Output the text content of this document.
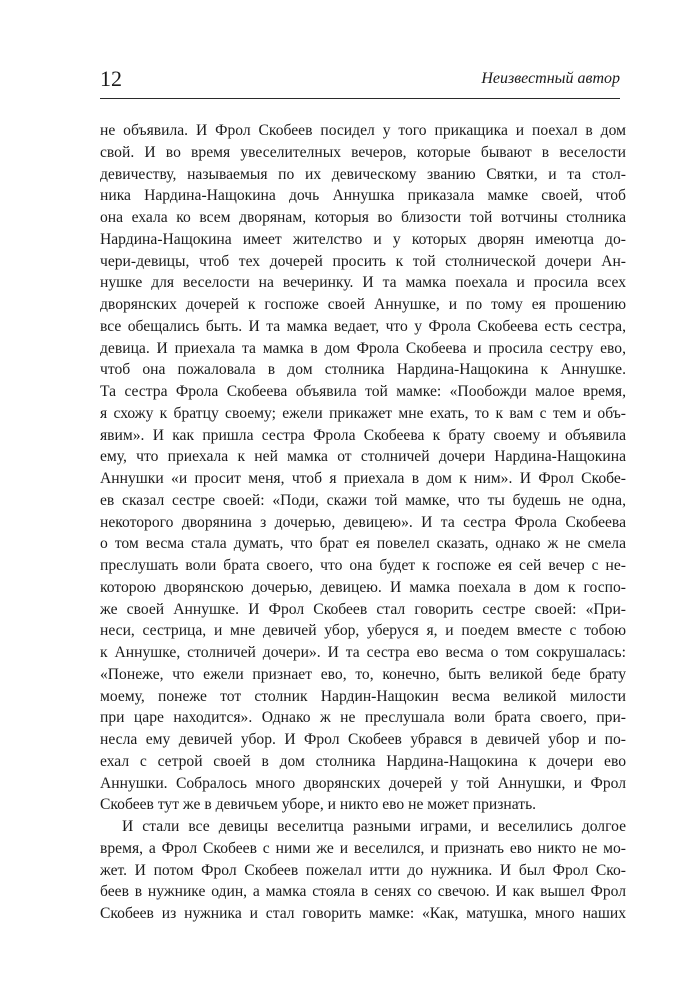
12	Неизвестный автор
не объявила. И Фрол Скобеев посидел у того прикащика и поехал в дом
свой. И во время увеселителных вечеров, которые бывают в веселости
девичеству, называемыя по их девическому званию Святки, и та стол-
ника Нардина-Нащокина дочь Аннушка приказала мамке своей, чтоб
она ехала ко всем дворянам, которыя во близости той вотчины столника
Нардина-Нащокина имеет жителство и у которых дворян имеютца до-
чери-девицы, чтоб тех дочерей просить к той столнической дочери Ан-
нушке для веселости на вечеринку. И та мамка поехала и просила всех
дворянских дочерей к госпоже своей Аннушке, и по тому ея прошению
все обещались быть. И та мамка ведает, что у Фрола Скобеева есть сестра,
девица. И приехала та мамка в дом Фрола Скобеева и просила сестру ево,
чтоб она пожаловала в дом столника Нардина-Нащокина к Аннушке.
Та сестра Фрола Скобеева объявила той мамке: «Пообожди малое время,
я схожу к братцу своему; ежели прикажет мне ехать, то к вам с тем и объ-
явим». И как пришла сестра Фрола Скобеева к брату своему и объявила
ему, что приехала к ней мамка от столничей дочери Нардина-Нащокина
Аннушки «и просит меня, чтоб я приехала в дом к ним». И Фрол Скобе-
ев сказал сестре своей: «Поди, скажи той мамке, что ты будешь не одна,
некоторого дворянина з дочерью, девицею». И та сестра Фрола Скобеева
о том весма стала думать, что брат ея повелел сказать, однако ж не смела
преслушать воли брата своего, что она будет к госпоже ея сей вечер с не-
которою дворянскою дочерью, девицею. И мамка поехала в дом к госпо-
же своей Аннушке. И Фрол Скобеев стал говорить сестре своей: «При-
неси, сестрица, и мне девичей убор, уберуся я, и поедем вместе с тобою
к Аннушке, столничей дочери». И та сестра ево весма о том сокрушалась:
«Понеже, что ежели признает ево, то, конечно, быть великой беде брату
моему, понеже тот столник Нардин-Нащокин весма великой милости
при царе находится». Однако ж не преслушала воли брата своего, при-
несла ему девичей убор. И Фрол Скобеев убрався в девичей убор и по-
ехал с сетрой своей в дом столника Нардина-Нащокина к дочери ево
Аннушки. Собралось много дворянских дочерей у той Аннушки, и Фрол
Скобеев тут же в девичьем уборе, и никто ево не может признать.
И стали все девицы веселитца разными играми, и веселились долгое
время, а Фрол Скобеев с ними же и веселился, и признать ево никто не мо-
жет. И потом Фрол Скобеев пожелал итти до нужника. И был Фрол Ско-
беев в нужнике один, а мамка стояла в сенях со свечою. И как вышел Фрол
Скобеев из нужника и стал говорить мамке: «Как, матушка, много наших
